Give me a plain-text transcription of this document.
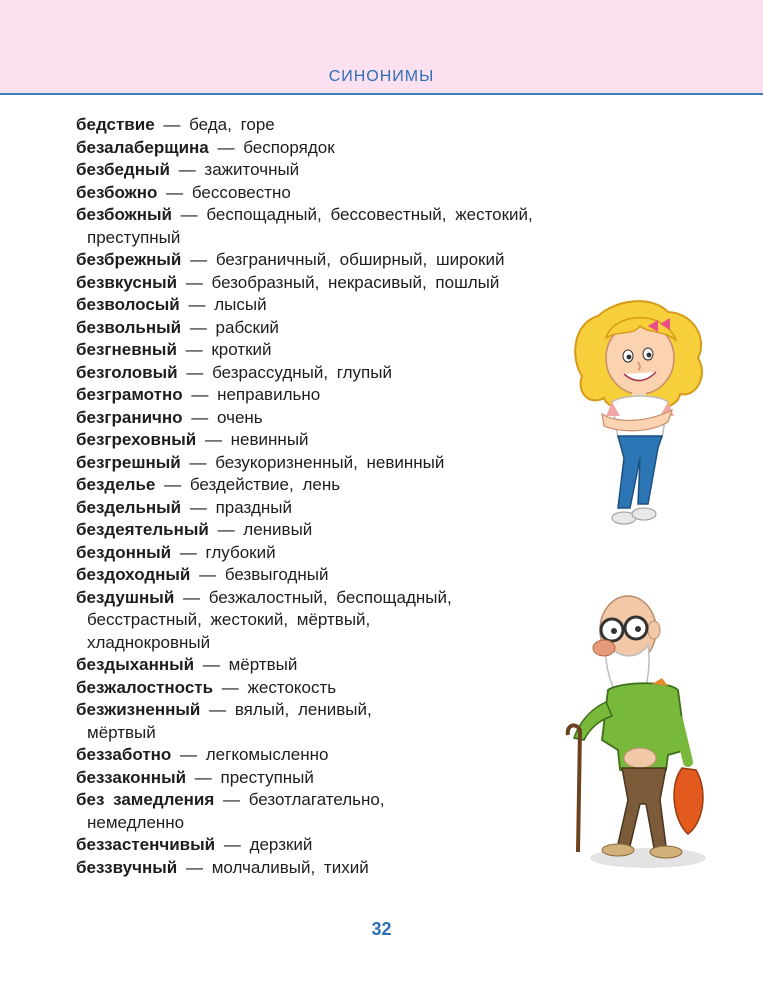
синонимы
бедствие — беда, горе
безалаберщина — беспорядок
безбедный — зажиточный
безбожно — бессовестно
безбожный — беспощадный, бессовестный, жестокий,
преступный
безбрежный — безграничный, обширный, широкий
безвкусный — безобразный, некрасивый, пошлый
безволосый — лысый
безвольный — рабский
безгневный — кроткий
безголовый — безрассудный, глупый
безграмотно — неправильно
безгранично — очень
безгреховный — невинный
безгрешный — безукоризненный, невинный
безделье — бездействие, лень
бездельный — праздный
бездеятельный — ленивый
бездонный — глубокий
бездоходный — безвыгодный
бездушный — безжалостный, беспощадный,
бесстрастный, жестокий, мёртвый,
хладнокровный
бездыханный — мёртвый
безжалостность — жестокость
безжизненный — вялый, ленивый,
мёртвый
беззаботно — легкомысленно
беззаконный — преступный
без замедления — безотлагательно,
немедленно
беззастенчивый — дерзкий
беззвучный — молчаливый, тихий
32
